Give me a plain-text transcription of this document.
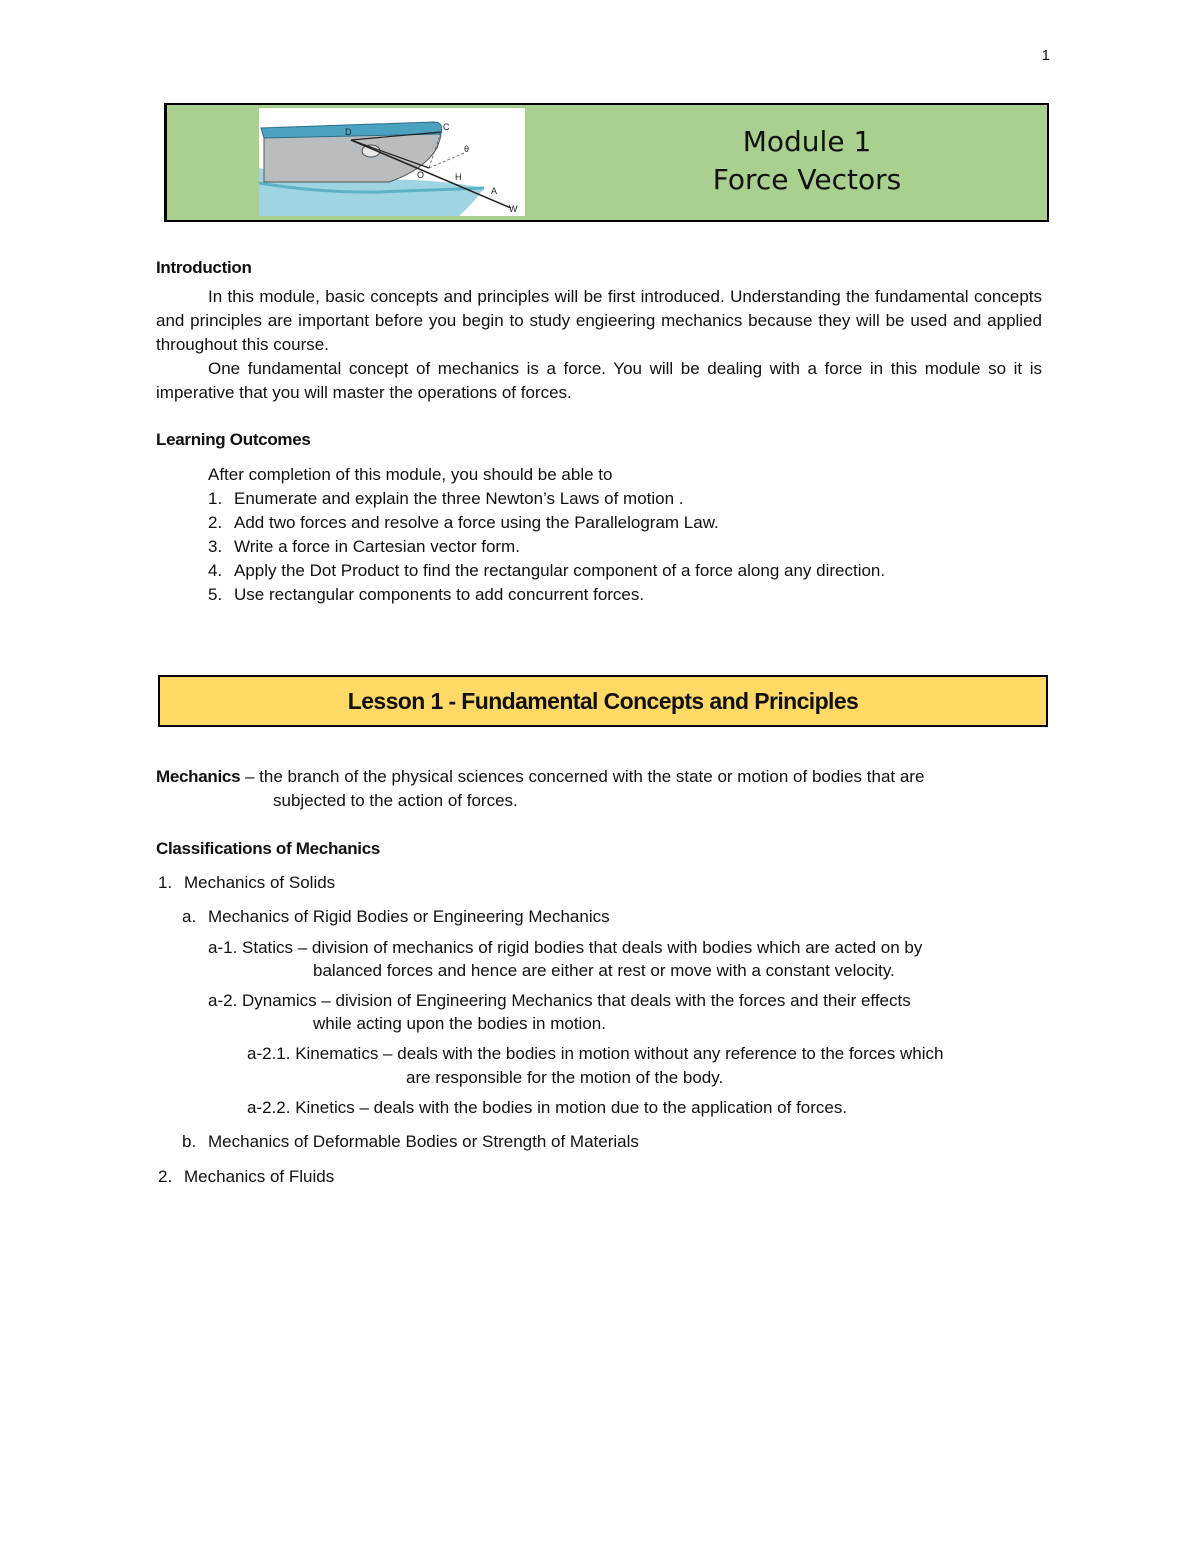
1
D	C
O	H
A
W
θ	Module 1
Force Vectors
Introduction
In this module, basic concepts and principles will be first introduced. Understanding the fundamental concepts and principles are important before you begin to study engieering mechanics because they will be used and applied throughout this course.
One fundamental concept of mechanics is a force. You will be dealing with a force in this module so it is imperative that you will master the operations of forces.
Learning Outcomes
After completion of this module, you should be able to
1. Enumerate and explain the three Newton’s Laws of motion .
2. Add two forces and resolve a force using the Parallelogram Law.
3. Write a force in Cartesian vector form.
4. Apply the Dot Product to find the rectangular component of a force along any direction.
5. Use rectangular components to add concurrent forces.
Lesson 1 - Fundamental Concepts and Principles
Mechanics – the branch of the physical sciences concerned with the state or motion of bodies that are
subjected to the action of forces.
Classifications of Mechanics
1. Mechanics of Solids
a. Mechanics of Rigid Bodies or Engineering Mechanics
a-1. Statics – division of mechanics of rigid bodies that deals with bodies which are acted on by
balanced forces and hence are either at rest or move with a constant velocity.
a-2. Dynamics – division of Engineering Mechanics that deals with the forces and their effects
while acting upon the bodies in motion.
a-2.1. Kinematics – deals with the bodies in motion without any reference to the forces which
are responsible for the motion of the body.
a-2.2. Kinetics – deals with the bodies in motion due to the application of forces.
b. Mechanics of Deformable Bodies or Strength of Materials
2. Mechanics of Fluids
